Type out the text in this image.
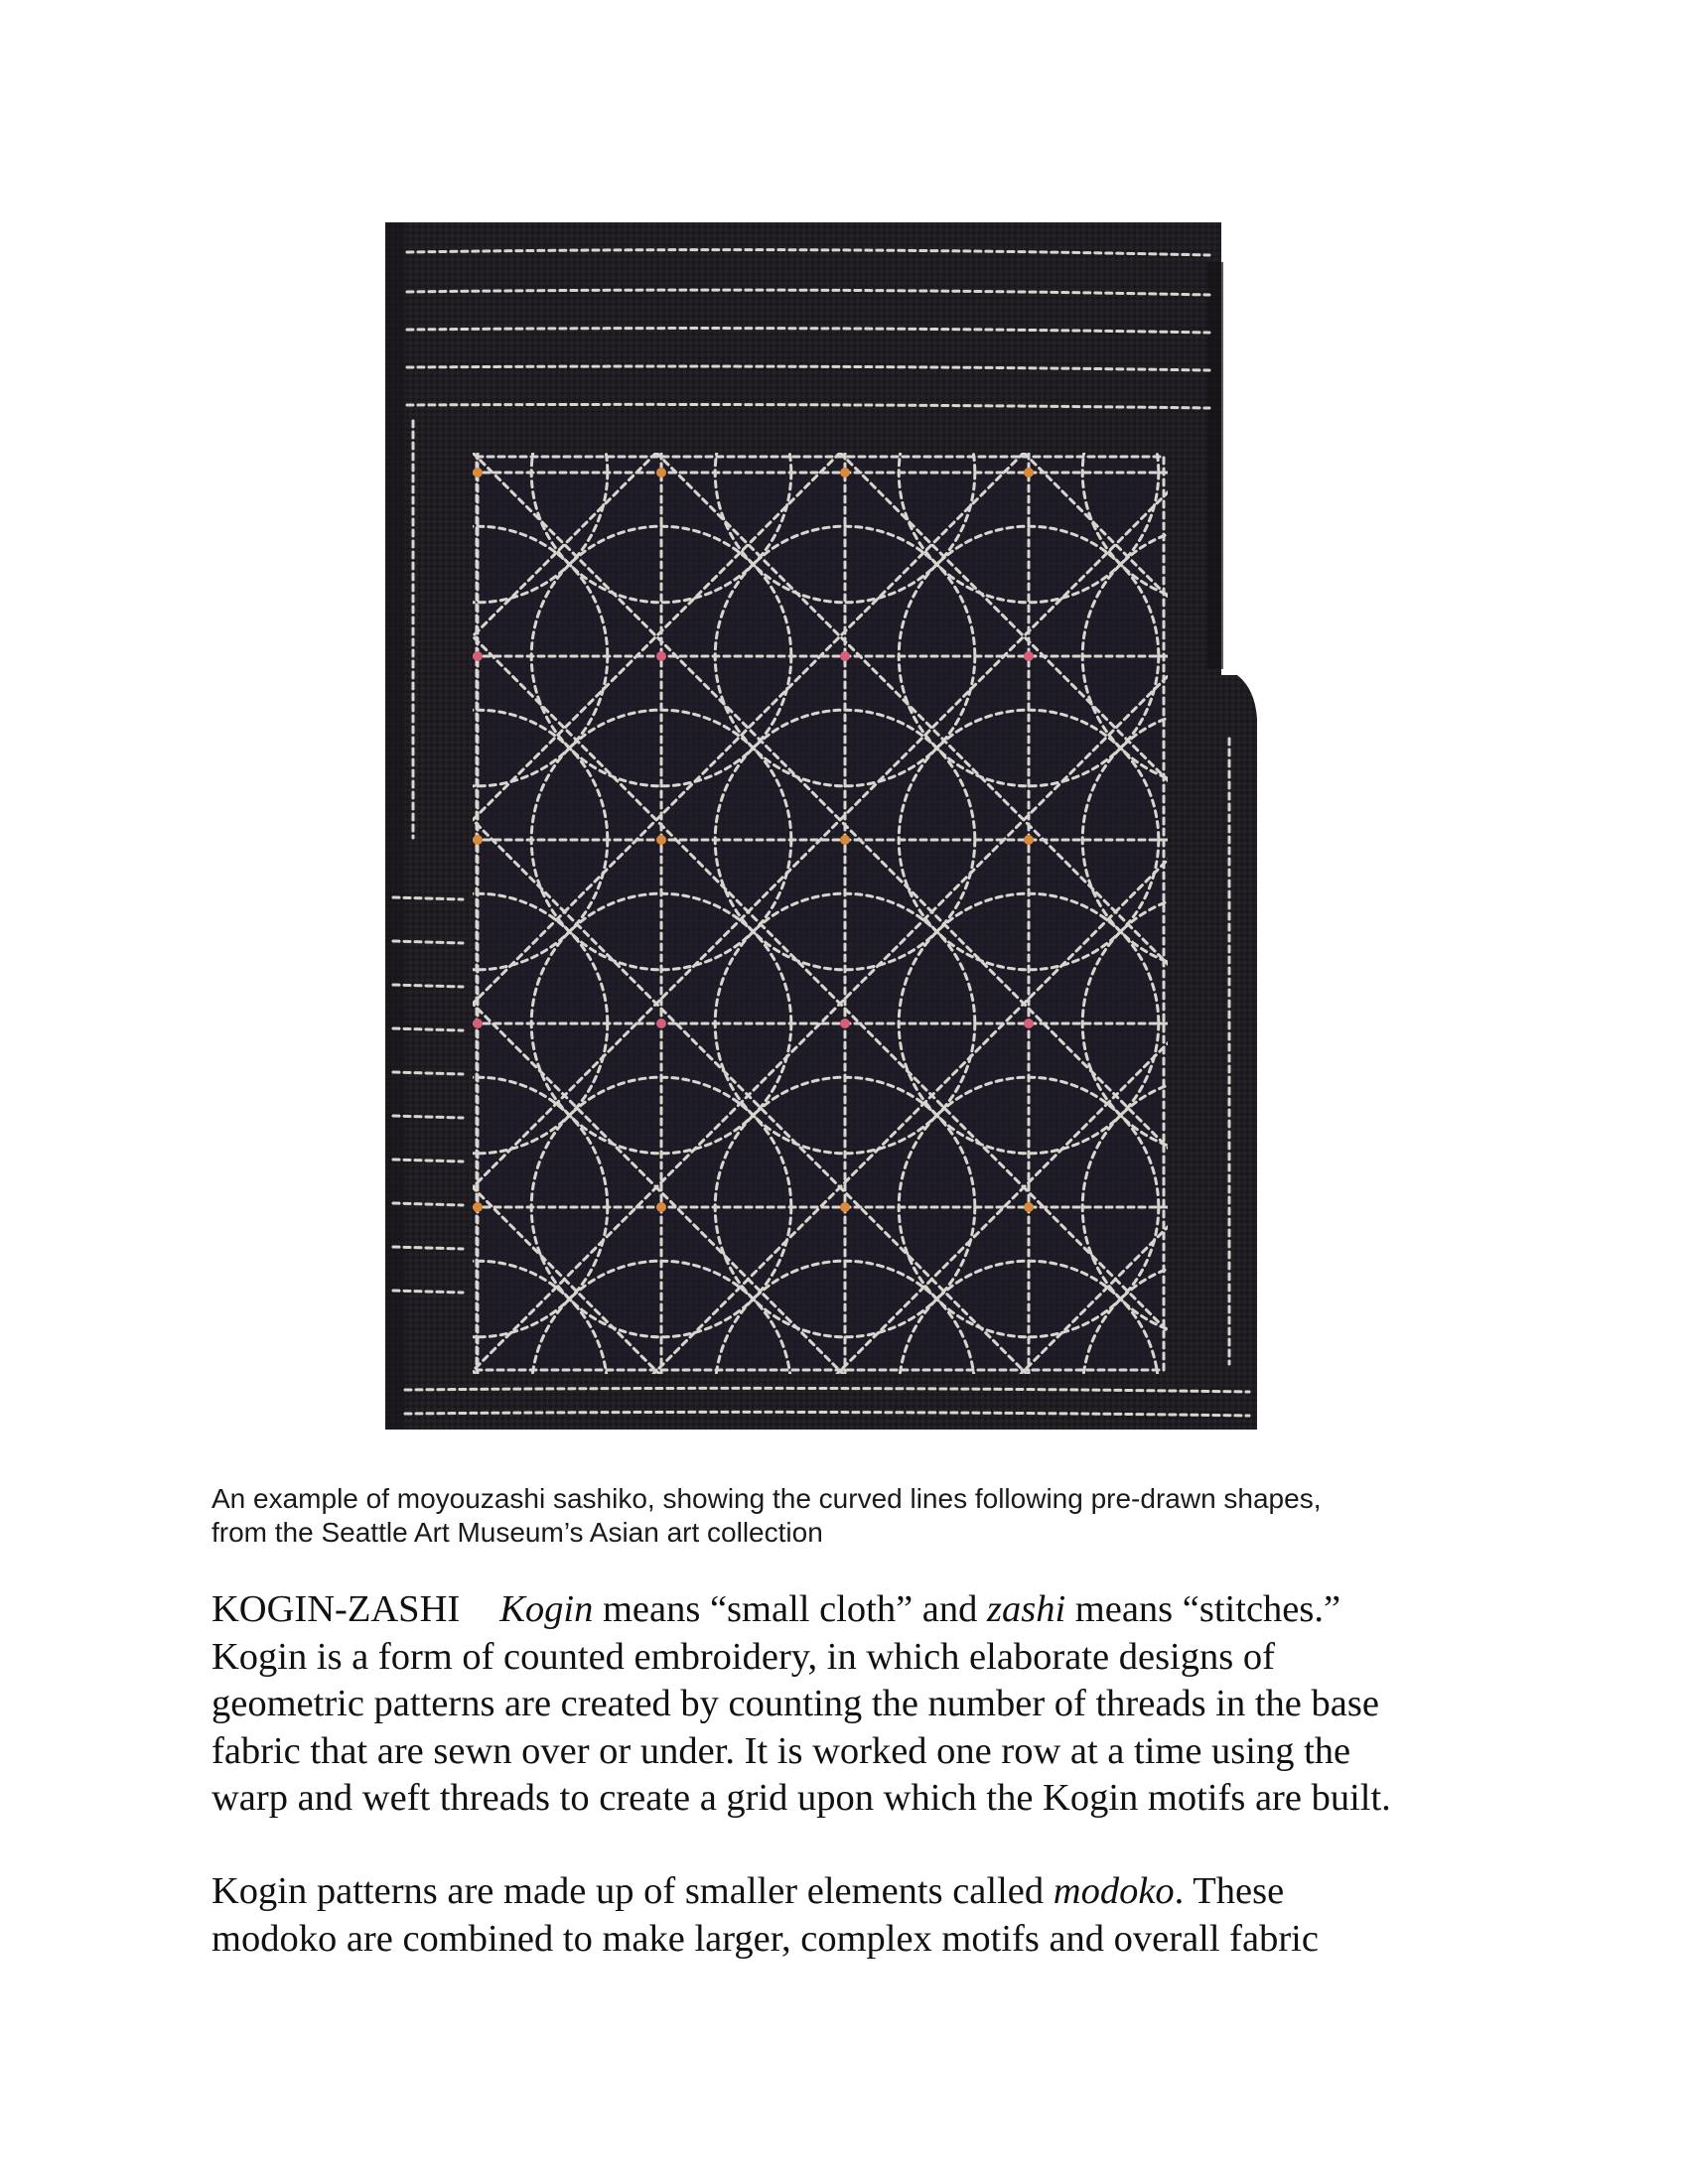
An example of moyouzashi sashiko, showing the curved lines following pre-drawn shapes,
from the Seattle Art Museum’s Asian art collection

KOGIN-ZASHI Kogin means “small cloth” and zashi means “stitches.”
Kogin is a form of counted embroidery, in which elaborate designs of
geometric patterns are created by counting the number of threads in the base
fabric that are sewn over or under. It is worked one row at a time using the
warp and weft threads to create a grid upon which the Kogin motifs are built.

Kogin patterns are made up of smaller elements called modoko. These
modoko are combined to make larger, complex motifs and overall fabric
